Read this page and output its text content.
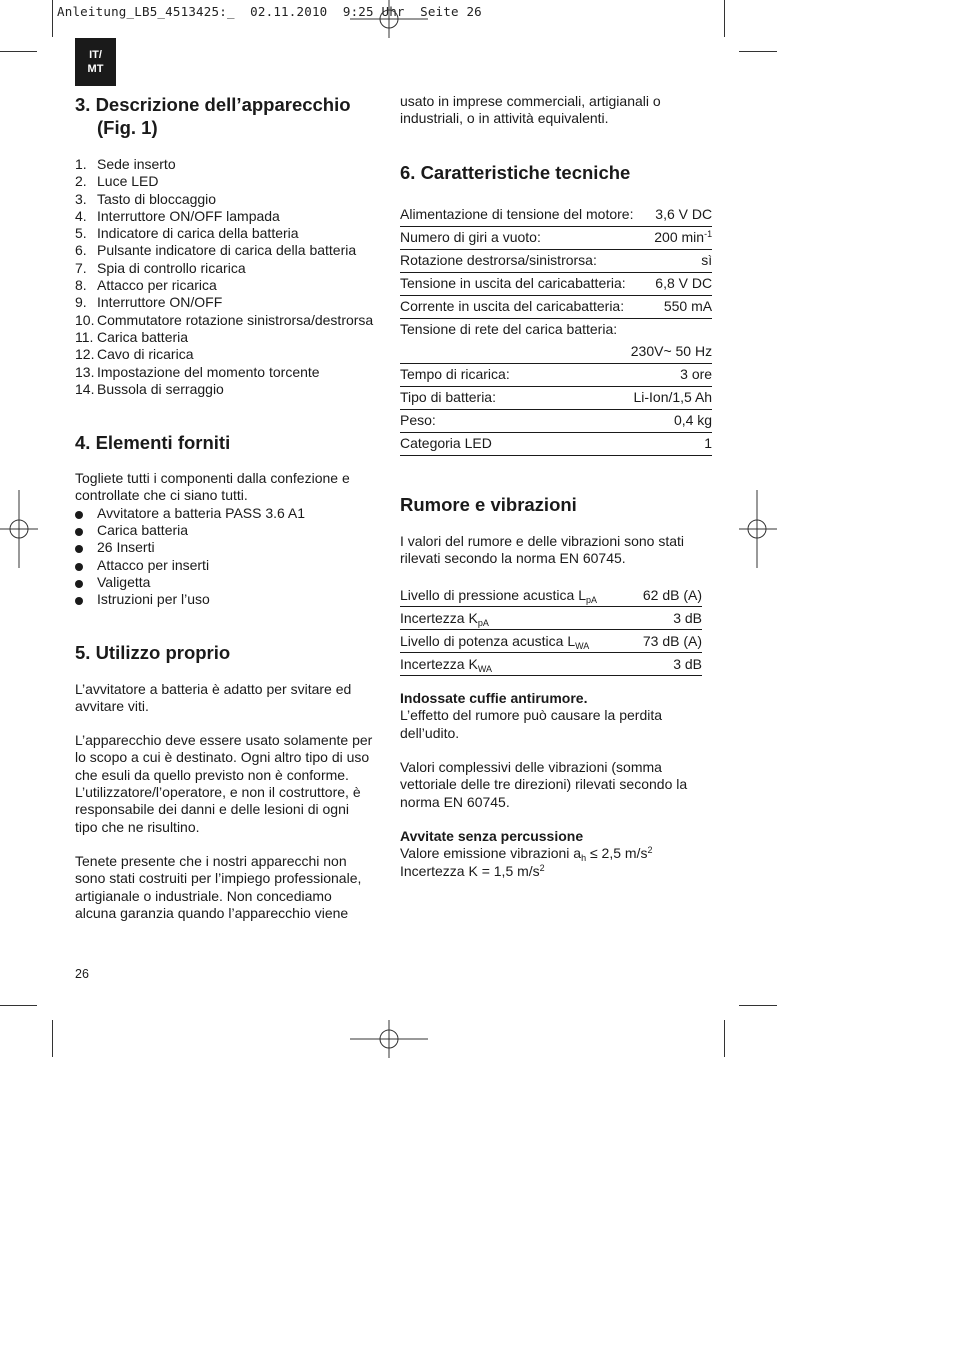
Anleitung_LB5_4513425:_  02.11.2010  9:25 Uhr  Seite 26
IT/
MT
3. Descrizione dell’apparecchio
(Fig. 1)
1. Sede inserto
2. Luce LED
3. Tasto di bloccaggio
4. Interruttore ON/OFF lampada
5. Indicatore di carica della batteria
6. Pulsante indicatore di carica della batteria
7. Spia di controllo ricarica
8. Attacco per ricarica
9. Interruttore ON/OFF
10. Commutatore rotazione sinistrorsa/destrorsa
11. Carica batteria
12. Cavo di ricarica
13. Impostazione del momento torcente
14. Bussola di serraggio
4. Elementi forniti

Togliete tutti i componenti dalla confezione e controllate che ci siano tutti.

Avvitatore a batteria PASS 3.6 A1
Carica batteria
26 Inserti
Attacco per inserti
Valigetta
Istruzioni per l’uso
5. Utilizzo proprio

L’avvitatore a batteria è adatto per svitare ed avvitare viti.

L’apparecchio deve essere usato solamente per lo scopo a cui è destinato. Ogni altro tipo di uso che esuli da quello previsto non è conforme. L’utilizzatore/l’operatore, e non il costruttore, è responsabile dei danni e delle lesioni di ogni tipo che ne risultino.

Tenete presente che i nostri apparecchi non sono stati costruiti per l’impiego professionale, artigianale o industriale. Non concediamo alcuna garanzia quando l’apparecchio viene

usato in imprese commerciali, artigianali o industriali, o in attività equivalenti.

6. Caratteristiche tecniche
Alimentazione di tensione del motore:	3,6 V DC
Numero di giri a vuoto:	200 $\min^{-1}$
Rotazione destrorsa/sinistrorsa:	sì
Tensione in uscita del caricabatteria:	6,8 V DC
Corrente in uscita del caricabatteria:	550 mA
Tensione di rete del carica batteria:	
230V~ 50 Hz	
Tempo di ricarica:	3 ore
Tipo di batteria:	Li-Ion/1,5 Ah
Peso:	0,4 kg
Categoria LED	1
Rumore e vibrazioni

I valori del rumore e delle vibrazioni sono stati rilevati secondo la norma EN 60745.

Livello di pressione acustica $L_{pA}$	62 dB (A)
Incertezza $K_{pA}$	3 dB
Livello di potenza acustica $L_{WA}$	73 dB (A)
Incertezza $K_{WA}$	3 dB

Indossate cuffie antirumore.

L’effetto del rumore può causare la perdita dell’udito.

Valori complessivi delle vibrazioni (somma vettoriale delle tre direzioni) rilevati secondo la norma EN 60745.

Avvitate senza percussione

Valore emissione vibrazioni $a_h \le 2,5$ $m/s^2$

Incertezza K = 1,5 $m/s^2$

26
